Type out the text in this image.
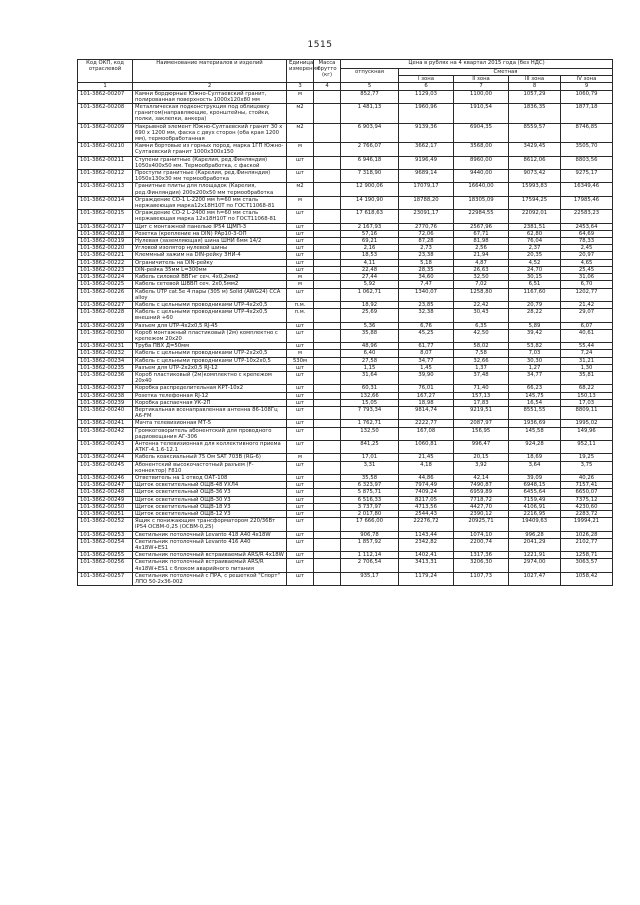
1515
Код ОКП, код отраслевой	Наименование материалов и изделий	Единица измерения	Масса брутто (кг)	Цена в рублях на 4 квартал 2015 года (без НДС)				
				отпускная	Сметная			
					I зона	II зона	III зона	IV зона
1	2	3	4	5	6	7	8	9
101-3862-00207	Камни бордюрные Южно-Султаевский гранит, полированная поверхность 1000х120х80 мм	м		852,77	1129,03	1100,00	1057,29	1060,79
101-3862-00208	Металлическая подконструкция под облицовку гранитом(направляющие, кронштейны, стойки, полки, заклепки, анкера)	м2		1 481,13	1960,96	1910,54	1836,35	1877,18
101-3862-00209	Накрывной элемент Южно-Султаевский гранит 30 х 690 х 1200 мм, фаска с двух сторон (оба края 1200 мм), термообработанная	м2		6 903,94	9139,36	6904,35	8559,57	8746,85
101-3862-00210	Камни бортовые из горных пород, марка 1ГП Южно-Султаевский гранит 1000х300х150	м		2 766,07	3662,17	3568,00	3429,45	3505,70
101-3862-00211	Ступени гранитные (Карелия, ред.Финляндия) 1050х400х50 мм. Термообработка, с фаской	шт		6 946,18	9196,49	8960,00	8612,06	8803,56
101-3862-00212	Проступи гранитные (Карелия, ред.Финляндия) 1050х130х30 мм термообработка	шт		7 318,90	9689,14	9440,00	9073,42	9275,17
101-3862-00213	Гранитные плиты для площадок (Карелия, ред.Финляндия) 200х200х50 мм термообработка	м2		12 900,06	17079,17	16640,00	15993,83	16349,46
101-3862-00214	Ограждение СО-1 L-2200 мм h=60 мм сталь нержавеющая марка12х18Н10Т по ГОСТ11068-81	м		14 190,90	18788,20	18305,09	17594,25	17985,46
101-3862-00215	Ограждение СО-2 L-2400 мм h=60 мм сталь нержавеющая марка 12х18Н10Т по ГОСТ11068-81	шт		17 618,63	23091,17	22984,55	22092,01	22583,23
101-3862-00217	Щит с монтажной панелью IP54 ЩМП-3	шт		2 167,93	2770,76	2567,96	2381,51	2453,64
101-3862-00218	Розетка (крепление на DIN) РАр10-3-ОП	шт		57,16	72,06	67,71	62,80	64,69
101-3862-00219	Нулевая (заземляющая) шина ШНИ 6мм 14/2	шт		69,21	87,28	81,98	76,04	78,33
101-3862-00220	Угловой изолятор нулевой шины	шт		2,16	2,73	2,56	2,37	2,45
101-3862-00221	Клеммный зажим на DIN-рейку ЗНИ-4	шт		18,53	23,38	21,94	20,35	20,97
101-3862-00222	Ограничитель на DIN-рейку	шт		4,11	5,18	4,87	4,52	4,65
101-3862-00223	DIN-рейка 35мм L=300мм	шт		22,48	28,35	26,63	24,70	25,45
101-3862-00224	Кабель силовой ВВГнг сеч. 4х0,2мм2	м		27,44	34,60	32,50	30,15	31,06
101-3862-00225	Кабель сетевой ШВВП сеч. 2х0,5мм2	м		5,92	7,47	7,02	6,51	6,70
101-3862-00226	Кабель UTP cat.5e 4 пары (305 м) Solid (AWG24) CCA alloy	шт		1 062,71	1340,07	1258,80	1167,60	1202,77
101-3862-00227	Кабель с цельными проводниками UTP-4х2х0,5	п.м.		18,92	23,85	22,42	20,79	21,42
101-3862-00228	Кабель с цельными проводниками UTP-4х2х0,5 внешний +60	п.м.		25,69	32,38	30,43	28,22	29,07
101-3862-00229	Разъем для UTP-4х2х0,5 RJ-45	шт		5,36	6,76	6,35	5,89	6,07
101-3862-00230	Короб монтажный пластиковый (2м) комплектно с крепежом 20х20	шт		35,88	45,25	42,50	39,42	40,61
101-3862-00231	Труба ПВХ Д=50мм	шт		48,96	61,77	58,02	53,82	55,44
101-3862-00232	Кабель с цельными проводниками UTP-2х2х0,5	м		6,40	8,07	7,58	7,03	7,24
101-3862-00234	Кабель с цельными проводниками UTP-10х2х0,5	530м		27,58	34,77	32,66	30,30	31,21
101-3862-00235	Разъем для UTP-2х2х0,5 RJ-12	шт		1,15	1,45	1,37	1,27	1,30
101-3862-00236	Короб пластиковый (2м)комплектно с крепежом 20х40	шт		31,64	39,90	37,48	34,77	35,81
101-3862-00237	Коробка распределительная КРТ-10х2	шт		60,31	76,01	71,40	66,23	68,22
101-3862-00238	Розетка телефонная RJ-12	шт		132,66	167,27	157,13	145,75	150,13
101-3862-00239	Коробка распаечная УК-2П	шт		15,05	18,98	17,83	16,54	17,03
101-3862-00240	Вертикальная всенаправленная антенна 86-108Гц А6-FM	шт		7 793,34	9814,74	9219,51	8551,55	8809,11
101-3862-00241	Мачта телевизионная МТ-5	шт		1 762,71	2222,77	2087,97	1936,69	1995,02
101-3862-00242	Громкоговоритель абонентский для проводного радиовещания АГ-306	шт		132,50	167,08	156,95	145,58	149,96
101-3862-00243	Антенна телевизионная для коллективного приема АТКГ-4.1.6-12.1	шт		841,25	1060,81	996,47	924,28	952,11
101-3862-00244	Кабель коаксиальный 75 Ом SAT 703B (RG-6)	м		17,01	21,45	20,15	18,69	19,25
101-3862-00245	Абонентский высокочастотный разъем (F-коннектор) F810	шт		3,31	4,18	3,92	3,64	3,75
101-3862-00246	Ответвитель на 1 отвод ОАТ-108	шт		35,58	44,86	42,14	39,09	40,26
101-3862-00247	Щиток осветительный ОЩВ-48 УХЛ4	шт		6 323,97	7974,49	7490,87	6948,15	7157,41
101-3862-00248	Щиток осветительный ОЩВ-36 У3	шт		5 875,71	7409,24	6959,89	6455,64	6650,07
101-3862-00249	Щиток осветительный ОЩВ-30 У3	шт		6 516,33	8217,05	7718,72	7159,49	7375,12
101-3862-00250	Щиток осветительный ОЩВ-18 У3	шт		3 737,97	4713,56	4427,70	4106,91	4230,60
101-3862-00251	Щиток осветительный ОЩВ-12 У3	шт		2 017,80	2544,43	2390,12	2216,95	2283,72
101-3862-00252	Ящик с понижающим трансформатором 220/36Вт IP54 ОСВМ-0,25 (ОСВМ-0,25)	шт		17 666,00	22276,72	20925,71	19409,63	19994,21
101-3862-00253	Светильник потолочный Levanto 418 А40 4х18W	шт		906,78	1143,44	1074,10	996,28	1026,28
101-3862-00254	Светильник потолочный Levanto 416 А40 4х18W+ES1	шт		1 857,92	2342,82	2200,74	2041,29	2102,77
101-3862-00255	Светильник потолочный встраиваемый ARS/R 4х18W	шт		1 112,14	1402,41	1317,36	1221,91	1258,71
101-3862-00256	Светильник потолочный встраиваемый ARS/R 4х18W+ES1 с блоком аварийного питания	шт		2 706,54	3413,31	3206,30	2974,00	3063,57
101-3862-00257	Светильник потолочный с ПРА, с решеткой "Спорт" ЛПО 50-2х36-002	шт		935,17	1179,24	1107,73	1027,47	1058,42
